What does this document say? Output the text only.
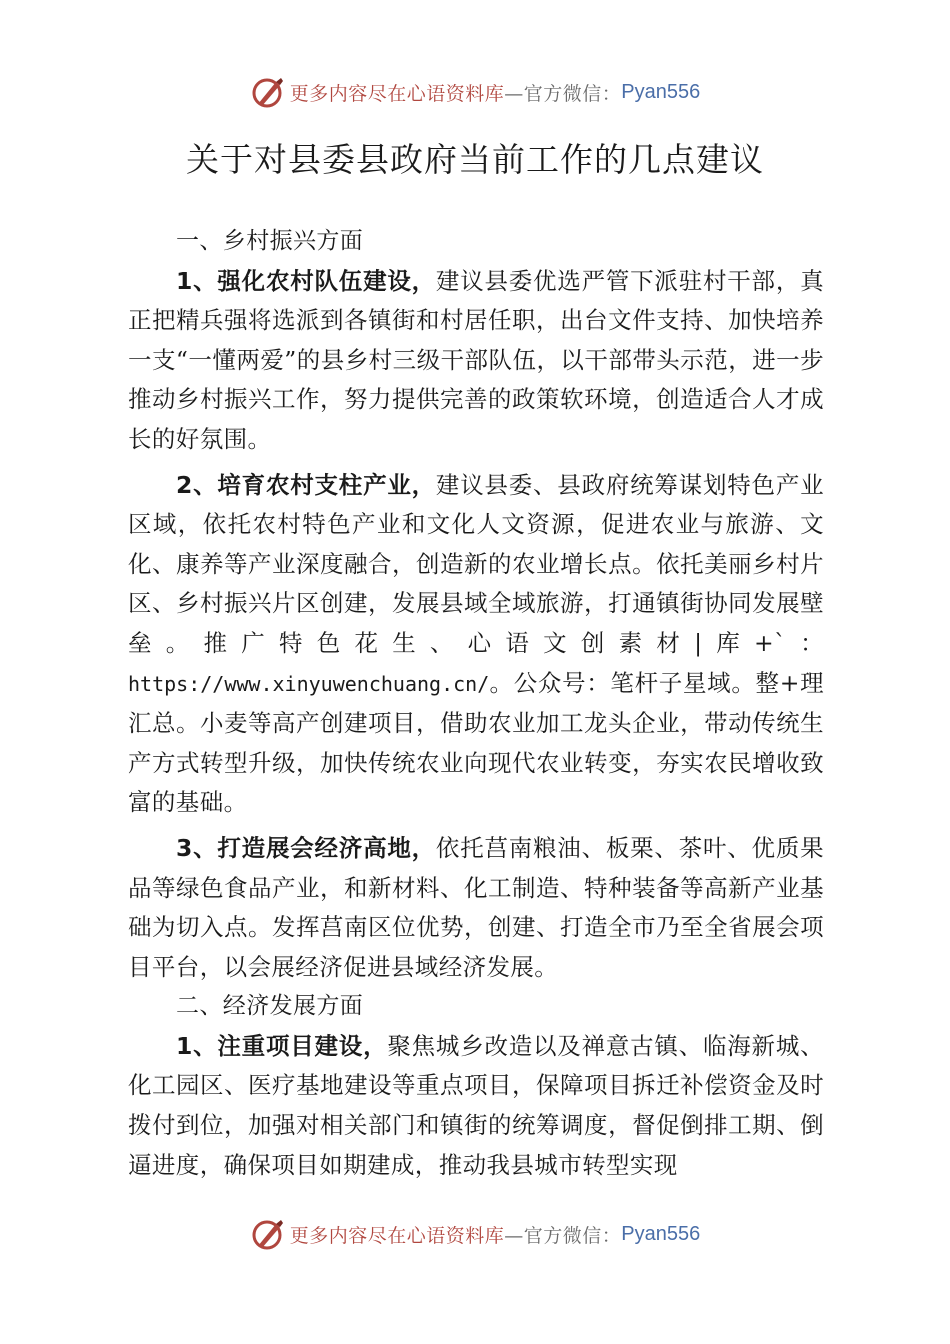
更多内容尽在心语资料库 —官方微信： Pyan556
关于对县委县政府当前工作的几点建议

一、乡村振兴方面

1、强化农村队伍建设，建议县委优选严管下派驻村干部，真正把精兵强将选派到各镇街和村居任职，出台文件支持、加快培养一支“一懂两爱”的县乡村三级干部队伍，以干部带头示范，进一步推动乡村振兴工作，努力提供完善的政策软环境，创造适合人才成长的好氛围。

2、培育农村支柱产业，建议县委、县政府统筹谋划特色产业区域，依托农村特色产业和文化人文资源，促进农业与旅游、文化、康养等产业深度融合，创造新的农业增长点。依托美丽乡村片区、乡村振兴片区创建，发展县域全域旅游，打通镇街协同发展壁垒。推广特色花生、心语文创素材|库+`：https://www.xinyuwenchuang.cn/。公众号：笔杆子星域。整+理汇总。小麦等高产创建项目，借助农业加工龙头企业，带动传统生产方式转型升级，加快传统农业向现代农业转变，夯实农民增收致富的基础。

3、打造展会经济高地，依托莒南粮油、板栗、茶叶、优质果品等绿色食品产业，和新材料、化工制造、特种装备等高新产业基础为切入点。发挥莒南区位优势，创建、打造全市乃至全省展会项目平台，以会展经济促进县域经济发展。

二、经济发展方面

1、注重项目建设，聚焦城乡改造以及禅意古镇、临海新城、化工园区、医疗基地建设等重点项目，保障项目拆迁补偿资金及时拨付到位，加强对相关部门和镇街的统筹调度，督促倒排工期、倒逼进度，确保项目如期建成，推动我县城市转型实现

更多内容尽在心语资料库 —官方微信： Pyan556
